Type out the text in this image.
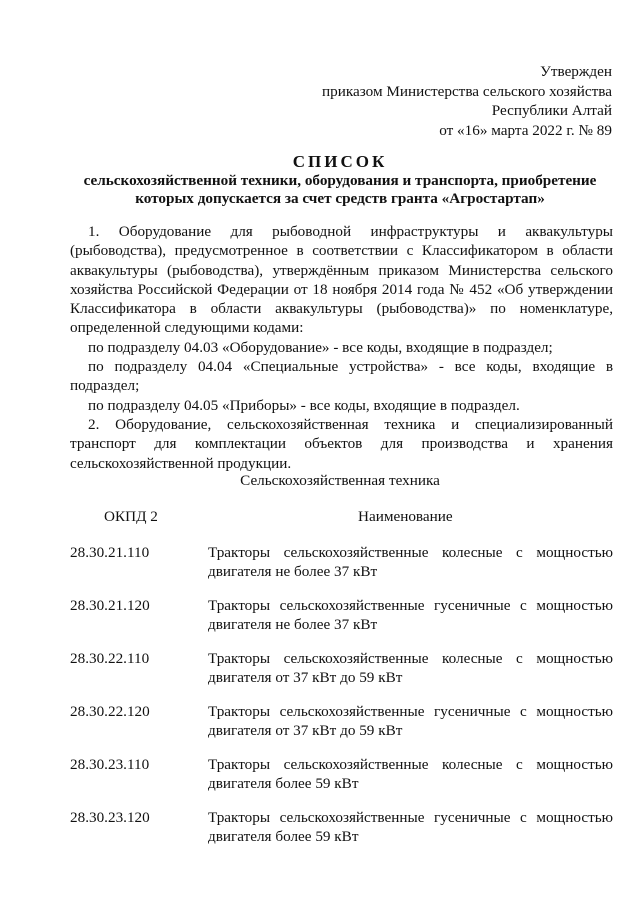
Утвержден
приказом Министерства сельского хозяйства
Республики Алтай
от «16» марта 2022 г. № 89
СПИСОК
сельскохозяйственной техники, оборудования и транспорта, приобретение
которых допускается за счет средств гранта «Агростартап»

1. Оборудование для рыбоводной инфраструктуры и аквакультуры (рыбоводства), предусмотренное в соответствии с Классификатором в области аквакультуры (рыбоводства), утверждённым приказом Министерства сельского хозяйства Российской Федерации от 18 ноября 2014 года № 452 «Об утверждении Классификатора в области аквакультуры (рыбоводства)» по номенклатуре, определенной следующими кодами:

по подразделу 04.03 «Оборудование» - все коды, входящие в подраздел;

по подразделу 04.04 «Специальные устройства» - все коды, входящие в подраздел;

по подразделу 04.05 «Приборы» - все коды, входящие в подраздел.

2. Оборудование, сельскохозяйственная техника и специализированный транспорт для комплектации объектов для производства и хранения сельскохозяйственной продукции.

Сельскохозяйственная техника
ОКПД 2	Наименование
28.30.21.110	Тракторы сельскохозяйственные колесные с мощностью двигателя не более 37 кВт
28.30.21.120	Тракторы сельскохозяйственные гусеничные с мощностью двигателя не более 37 кВт
28.30.22.110	Тракторы сельскохозяйственные колесные с мощностью двигателя от 37 кВт до 59 кВт
28.30.22.120	Тракторы сельскохозяйственные гусеничные с мощностью двигателя от 37 кВт до 59 кВт
28.30.23.110	Тракторы сельскохозяйственные колесные с мощностью двигателя более 59 кВт
28.30.23.120	Тракторы сельскохозяйственные гусеничные с мощностью двигателя более 59 кВт
